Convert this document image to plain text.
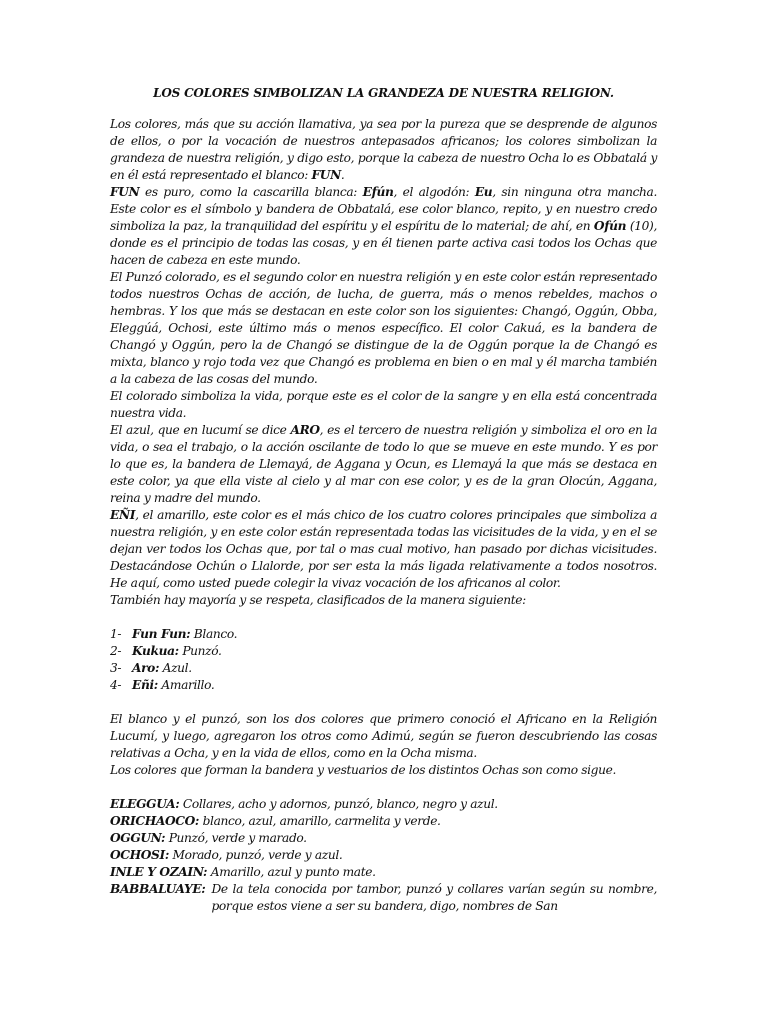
LOS COLORES SIMBOLIZAN LA GRANDEZA DE NUESTRA RELIGION.

Los colores, más que su acción llamativa, ya sea por la pureza que se desprende de algunos de ellos, o por la vocación de nuestros antepasados africanos; los colores simbolizan la grandeza de nuestra religión, y digo esto, porque la cabeza de nuestro Ocha lo es Obbatalá y en él está representado el blanco: FUN.

FUN es puro, como la cascarilla blanca: Efún, el algodón: Eu, sin ninguna otra mancha. Este color es el símbolo y bandera de Obbatalá, ese color blanco, repito, y en nuestro credo simboliza la paz, la tranquilidad del espíritu y el espíritu de lo material; de ahí, en Ofún (10), donde es el principio de todas las cosas, y en él tienen parte activa casi todos los Ochas que hacen de cabeza en este mundo.

El Punzó colorado, es el segundo color en nuestra religión y en este color están representado todos nuestros Ochas de acción, de lucha, de guerra, más o menos rebeldes, machos o hembras. Y los que más se destacan en este color son los siguientes: Changó, Oggún, Obba, Eleggúá, Ochosi, este último más o menos específico. El color Cakuá, es la bandera de Changó y Oggún, pero la de Changó se distingue de la de Oggún porque la de Changó es mixta, blanco y rojo toda vez que Changó es problema en bien o en mal y él marcha también a la cabeza de las cosas del mundo.

El colorado simboliza la vida, porque este es el color de la sangre y en ella está concentrada nuestra vida.

El azul, que en lucumí se dice ARO, es el tercero de nuestra religión y simboliza el oro en la vida, o sea el trabajo, o la acción oscilante de todo lo que se mueve en este mundo. Y es por lo que es, la bandera de Llemayá, de Aggana y Ocun, es Llemayá la que más se destaca en este color, ya que ella viste al cielo y al mar con ese color, y es de la gran Olocún, Aggana, reina y madre del mundo.

EÑI, el amarillo, este color es el más chico de los cuatro colores principales que simboliza a nuestra religión, y en este color están representada todas las vicisitudes de la vida, y en el se dejan ver todos los Ochas que, por tal o mas cual motivo, han pasado por dichas vicisitudes. Destacándose Ochún o Llalorde, por ser esta la más ligada relativamente a todos nosotros. He aquí, como usted puede colegir la vivaz vocación de los africanos al color.

También hay mayoría y se respeta, clasificados de la manera siguiente:

1- Fun Fun: Blanco.
2- Kukua: Punzó.
3- Aro: Azul.
4- Eñi: Amarillo.

El blanco y el punzó, son los dos colores que primero conoció el Africano en la Religión Lucumí, y luego, agregaron los otros como Adimú, según se fueron descubriendo las cosas relativas a Ocha, y en la vida de ellos, como en la Ocha misma.

Los colores que forman la bandera y vestuarios de los distintos Ochas son como sigue.

ELEGGUA: Collares, acho y adornos, punzó, blanco, negro y azul.

ORICHAOCO: blanco, azul, amarillo, carmelita y verde.

OGGUN: Punzó, verde y marado.

OCHOSI: Morado, punzó, verde y azul.

INLE Y OZAIN: Amarillo, azul y punto mate.

BABBALUAYE: De la tela conocida por tambor, punzó y collares varían según su nombre, porque estos viene a ser su bandera, digo, nombres de San
